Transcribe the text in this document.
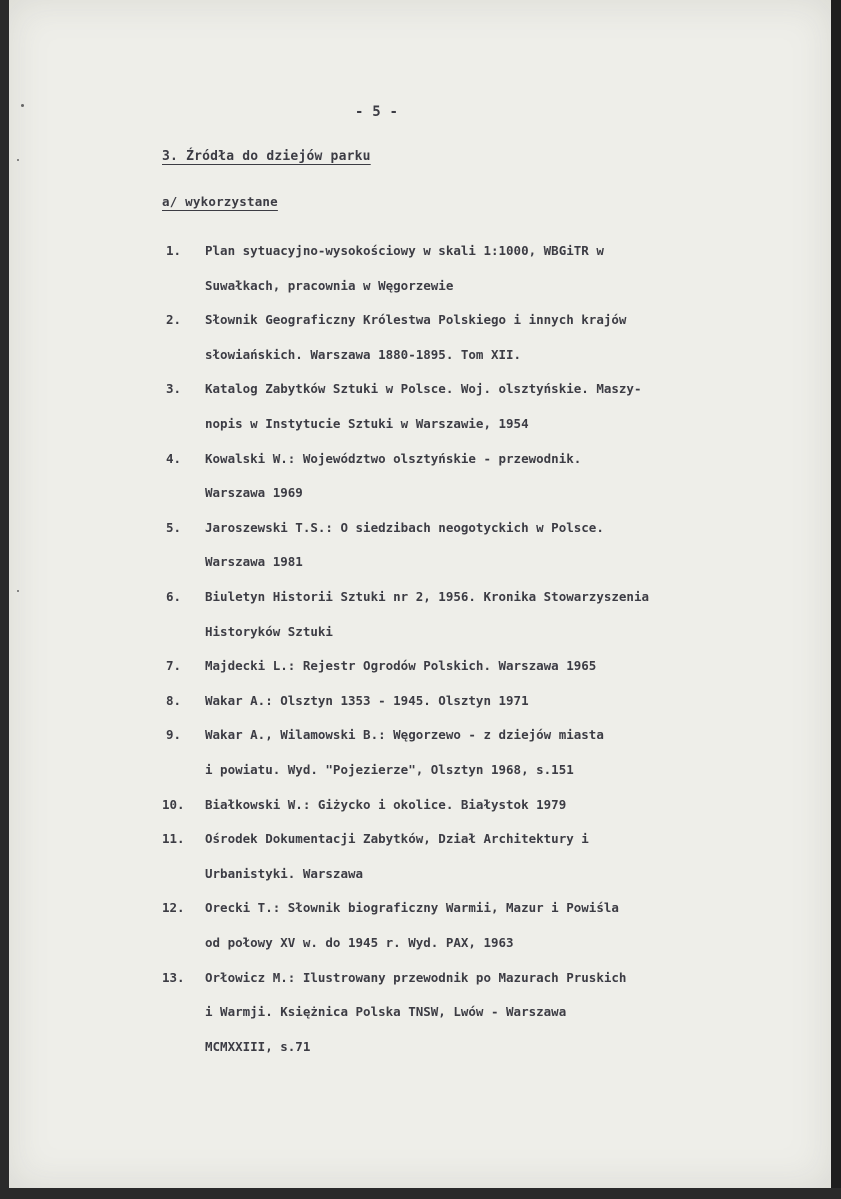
- 5 -
3. Źródła do dziejów parku
a/ wykorzystane
1. Plan sytuacyjno-wysokościowy w skali 1:1000, WBGiTR w
Suwałkach, pracownia w Węgorzewie
2. Słownik Geograficzny Królestwa Polskiego i innych krajów
słowiańskich. Warszawa 1880-1895. Tom XII.
3. Katalog Zabytków Sztuki w Polsce. Woj. olsztyńskie. Maszy-
nopis w Instytucie Sztuki w Warszawie, 1954
4. Kowalski W.: Województwo olsztyńskie - przewodnik.
Warszawa 1969
5. Jaroszewski T.S.: O siedzibach neogotyckich w Polsce.
Warszawa 1981
6. Biuletyn Historii Sztuki nr 2, 1956. Kronika Stowarzyszenia
Historyków Sztuki
7. Majdecki L.: Rejestr Ogrodów Polskich. Warszawa 1965
8. Wakar A.: Olsztyn 1353 - 1945. Olsztyn 1971
9. Wakar A., Wilamowski B.: Węgorzewo - z dziejów miasta
i powiatu. Wyd. "Pojezierze", Olsztyn 1968, s.151
10. Białkowski W.: Giżycko i okolice. Białystok 1979
11. Ośrodek Dokumentacji Zabytków, Dział Architektury i
Urbanistyki. Warszawa
12. Orecki T.: Słownik biograficzny Warmii, Mazur i Powiśla
od połowy XV w. do 1945 r. Wyd. PAX, 1963
13. Orłowicz M.: Ilustrowany przewodnik po Mazurach Pruskich
i Warmji. Księżnica Polska TNSW, Lwów - Warszawa
MCMXXIII, s.71
